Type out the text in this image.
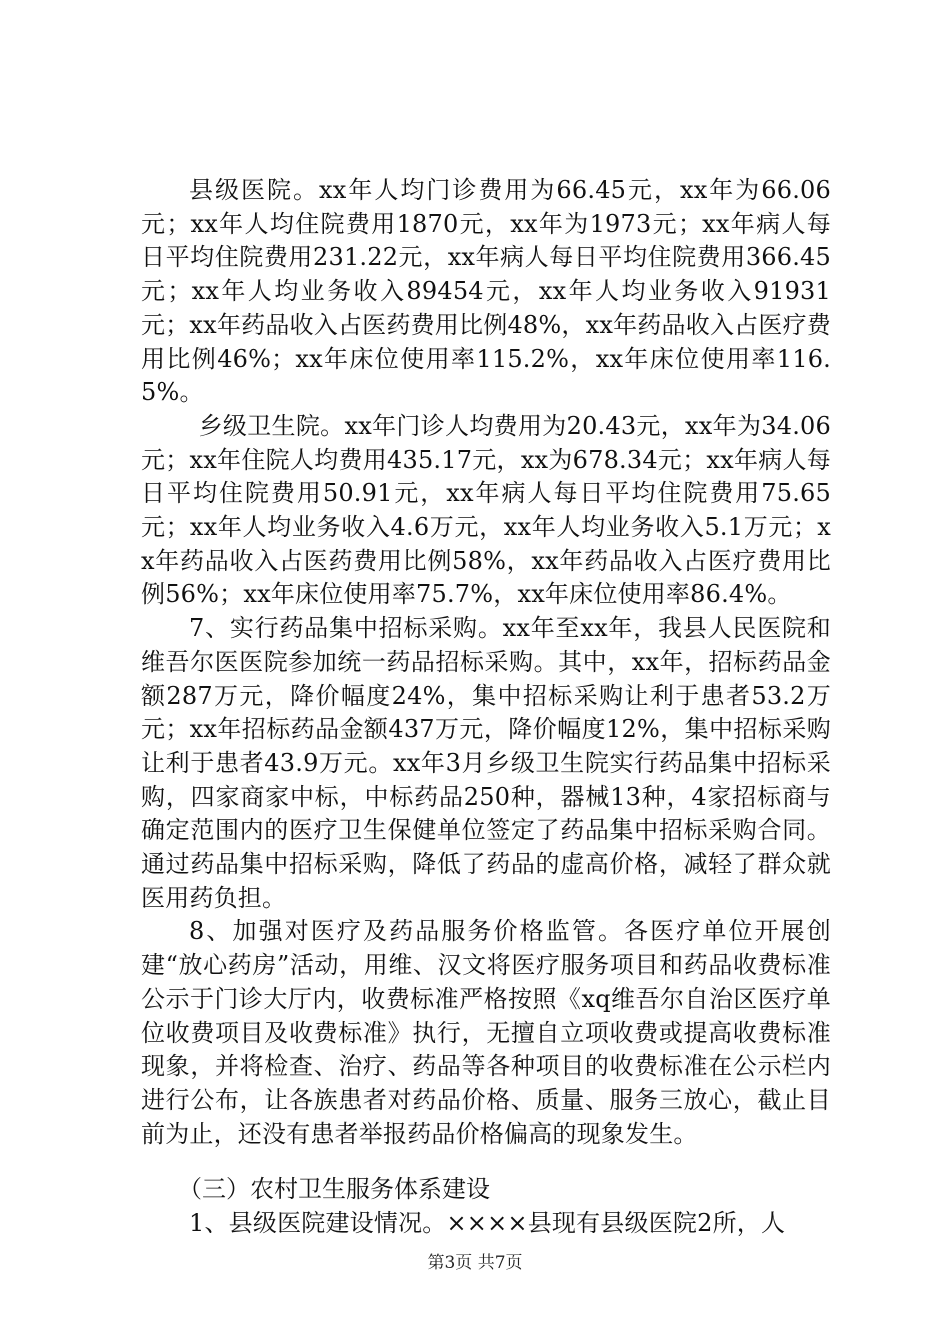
县级医院。xx年人均门诊费用为66.45元，xx年为66.06元；xx年人均住院费用1870元，xx年为1973元；xx年病人每日平均住院费用231.22元，xx年病人每日平均住院费用366.45元；xx年人均业务收入89454元，xx年人均业务收入91931元；xx年药品收入占医药费用比例48%，xx年药品收入占医疗费用比例46%；xx年床位使用率115.2%，xx年床位使用率116.5%。

乡级卫生院。xx年门诊人均费用为20.43元，xx年为34.06元；xx年住院人均费用435.17元，xx为678.34元；xx年病人每日平均住院费用50.91元，xx年病人每日平均住院费用75.65元；xx年人均业务收入4.6万元，xx年人均业务收入5.1万元；xx年药品收入占医药费用比例58%，xx年药品收入占医疗费用比例56%；xx年床位使用率75.7%，xx年床位使用率86.4%。

7、实行药品集中招标采购。xx年至xx年，我县人民医院和维吾尔医医院参加统一药品招标采购。其中，xx年，招标药品金额287万元，降价幅度24%，集中招标采购让利于患者53.2万元；xx年招标药品金额437万元，降价幅度12%，集中招标采购让利于患者43.9万元。xx年3月乡级卫生院实行药品集中招标采购，四家商家中标，中标药品250种，器械13种，4家招标商与确定范围内的医疗卫生保健单位签定了药品集中招标采购合同。通过药品集中招标采购，降低了药品的虚高价格，减轻了群众就医用药负担。

8、加强对医疗及药品服务价格监管。各医疗单位开展创建“放心药房”活动，用维、汉文将医疗服务项目和药品收费标准公示于门诊大厅内，收费标准严格按照《xq维吾尔自治区医疗单位收费项目及收费标准》执行，无擅自立项收费或提高收费标准现象，并将检查、治疗、药品等各种项目的收费标准在公示栏内进行公布，让各族患者对药品价格、质量、服务三放心，截止目前为止，还没有患者举报药品价格偏高的现象发生。

（三）农村卫生服务体系建设

1、县级医院建设情况。××××县现有县级医院2所，人

第3页 共7页
